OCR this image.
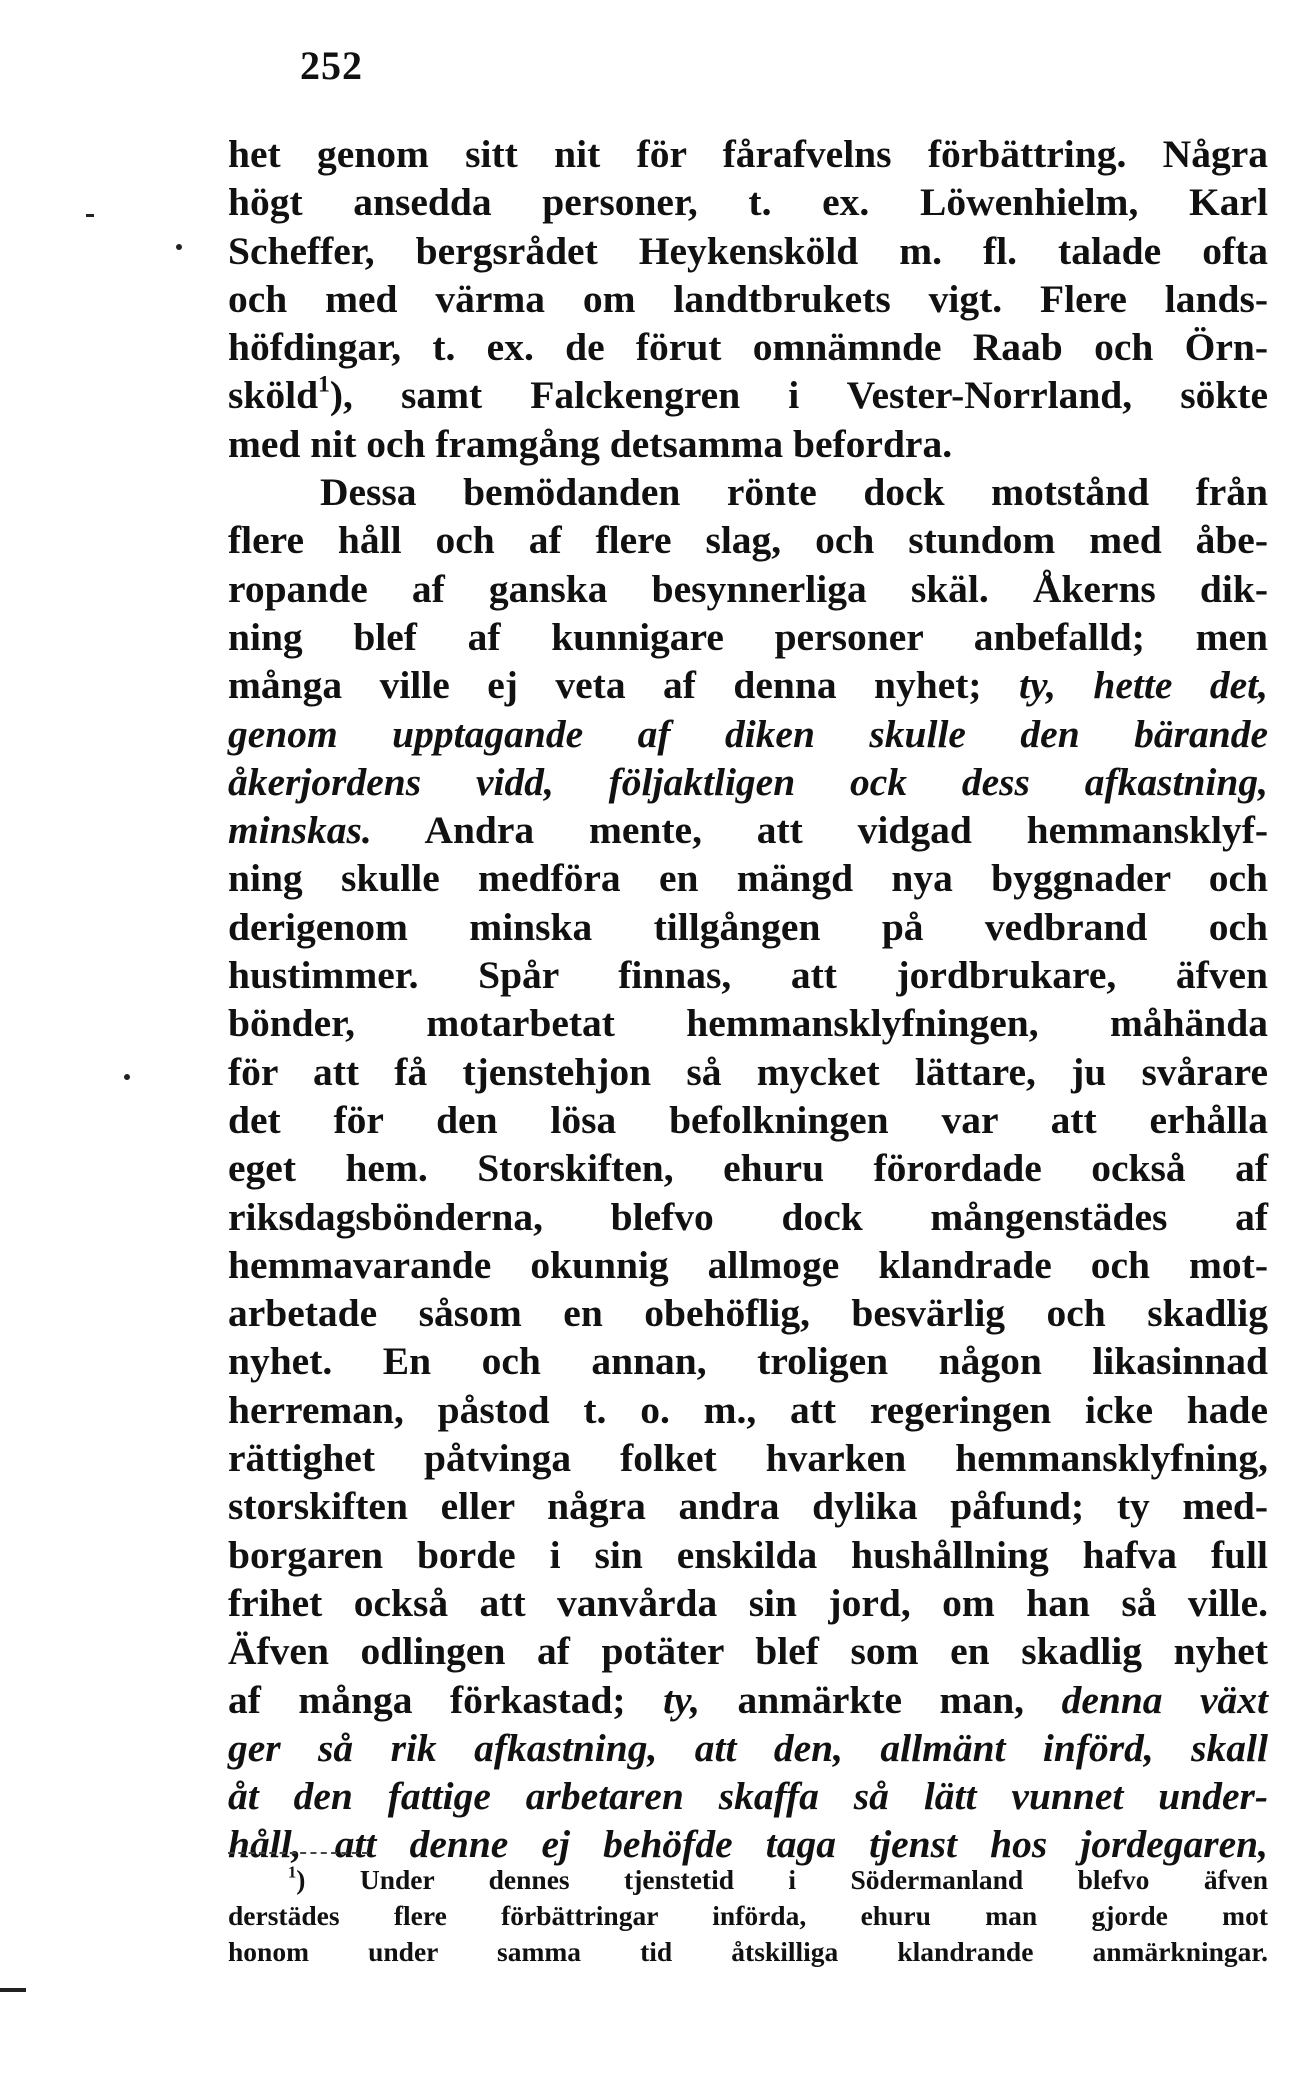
252
het genom sitt nit för fårafvelns förbättring. Några
högt ansedda personer, t. ex. Löwenhielm, Karl
Scheffer, bergsrådet Heykensköld m. fl. talade ofta
och med värma om landtbrukets vigt. Flere lands-
höfdingar, t. ex. de förut omnämnde Raab och Örn-
sköld$^1$), samt Falckengren i Vester-Norrland, sökte
med nit och framgång detsamma befordra.
Dessa bemödanden rönte dock motstånd från
flere håll och af flere slag, och stundom med åbe-
ropande af ganska besynnerliga skäl. Åkerns dik-
ning blef af kunnigare personer anbefalld; men
många ville ej veta af denna nyhet; ty, hette det,
genom upptagande af diken skulle den bärande
åkerjordens vidd, följaktligen ock dess afkastning,
minskas. Andra mente, att vidgad hemmansklyf-
ning skulle medföra en mängd nya byggnader och
derigenom minska tillgången på vedbrand och
hustimmer. Spår finnas, att jordbrukare, äfven
bönder, motarbetat hemmansklyfningen, måhända
för att få tjenstehjon så mycket lättare, ju svårare
det för den lösa befolkningen var att erhålla
eget hem. Storskiften, ehuru förordade också af
riksdagsbönderna, blefvo dock mångenstädes af
hemmavarande okunnig allmoge klandrade och mot-
arbetade såsom en obehöflig, besvärlig och skadlig
nyhet. En och annan, troligen någon likasinnad
herreman, påstod t. o. m., att regeringen icke hade
rättighet påtvinga folket hvarken hemmansklyfning,
storskiften eller några andra dylika påfund; ty med-
borgaren borde i sin enskilda hushållning hafva full
frihet också att vanvårda sin jord, om han så ville.
Äfven odlingen af potäter blef som en skadlig nyhet
af många förkastad; ty, anmärkte man, denna växt
ger så rik afkastning, att den, allmänt införd, skall
åt den fattige arbetaren skaffa så lätt vunnet under-
håll, att denne ej behöfde taga tjenst hos jordegaren,
$^1$) Under dennes tjenstetid i Södermanland blefvo äfven
derstädes flere förbättringar införda, ehuru man gjorde mot
honom under samma tid åtskilliga klandrande anmärkningar.
